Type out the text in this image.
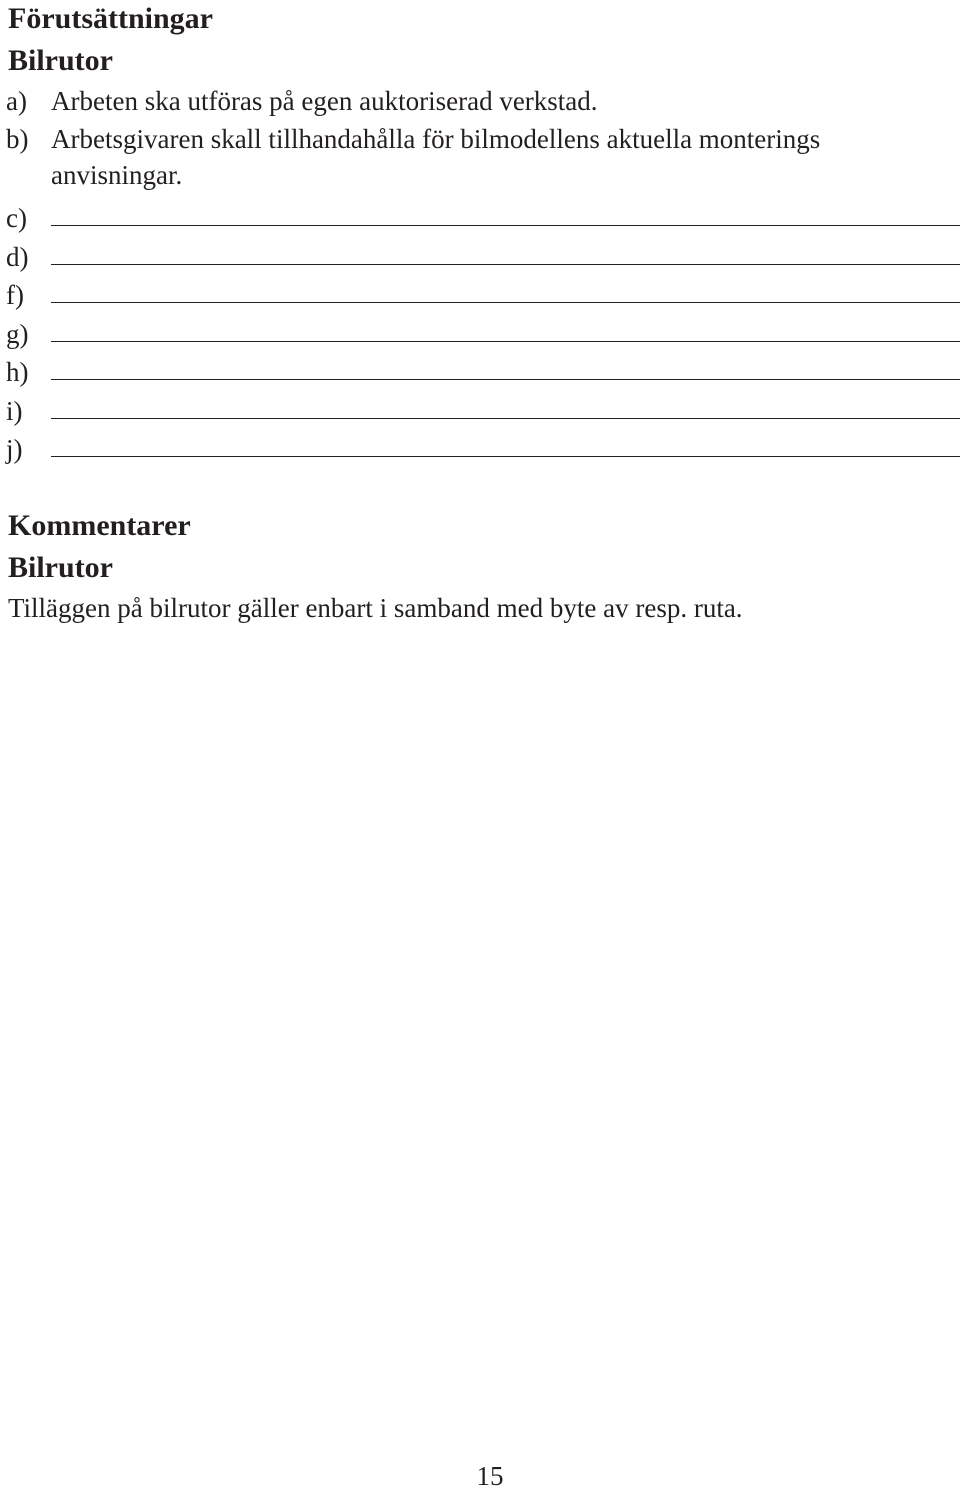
Förutsättningar
Bilrutor
a) Arbeten ska utföras på egen auktoriserad verkstad.
b) Arbetsgivaren skall tillhandahålla för bilmodellens aktuella monterings anvisningar.
c)
d)
f)
g)
h)
i)
j)
Kommentarer
Bilrutor
Tilläggen på bilrutor gäller enbart i samband med byte av resp. ruta.
15
